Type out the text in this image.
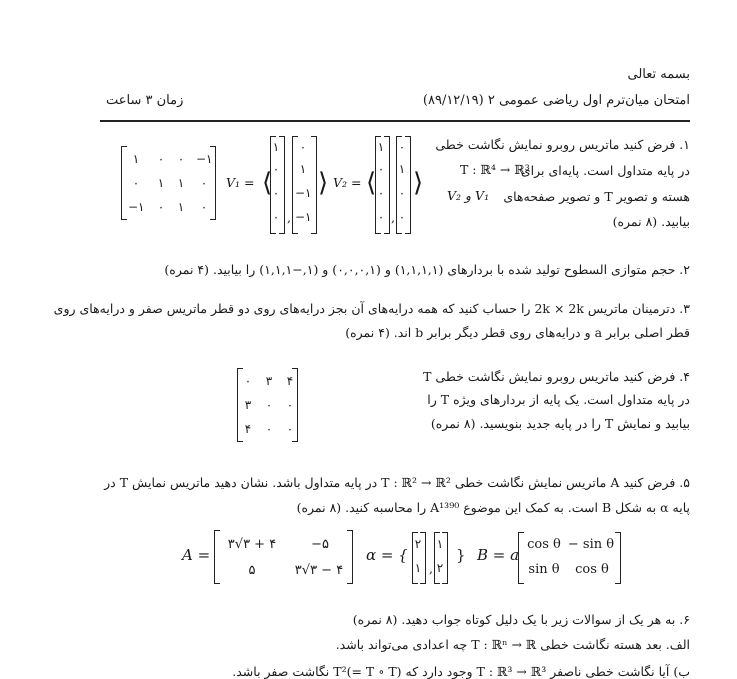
بسمه تعالی
امتحان میان‌ترم اول ریاضی عمومی ۲ (۸۹/۱۲/۱۹)
زمان ۳ ساعت
۱. فرض کنید ماتریس روبرو نمایش نگاشت خطی
T : ℝ⁴ → ℝ³
در پایه متداول است. پایه‌ای برای
هسته و تصویر T و تصویر صفحه‌های
V₂ و V₁
بیابید. (۸ نمره)
۱	۰	۰ −۱
۰	۱	۱	۰
−۱	۰	۱	۰
V₁ = ⟨
۱
۰
۰
۰ ,
۰
۱
−۱
−۱
⟩ V₂ = ⟨
۱
۰
۰
۰ ,
۰
۱
۰
۰
⟩
۲. حجم متوازی السطوح تولید شده با بردارهای (۱,۱,۱,۱) و (۰,۰,۰,۱) و (۱,−۱,۱,۱) را بیابید. (۴ نمره)
۳. دترمینان ماتریس 2k × 2k را حساب کنید که همه درایه‌های آن بجز درایه‌های روی دو قطر ماتریس صفر و درایه‌های روی
قطر اصلی برابر a و درایه‌های روی قطر دیگر برابر b اند. (۴ نمره)
۴. فرض کنید ماتریس روبرو نمایش نگاشت خطی T
در پایه متداول است. یک پایه از بردارهای ویژه T را
بیابید و نمایش T را در پایه جدید بنویسید. (۸ نمره)
۰	۳	۴
۳	۰	۰
۴	۰	۰
۵. فرض کنید A ماتریس نمایش نگاشت خطی T : ℝ² → ℝ² در پایه متداول باشد. نشان دهید ماتریس نمایش T در
پایه α به شکل B است. به کمک این موضوع A¹³⁹⁰ را محاسبه کنید. (۸ نمره)
A =
۳√۳ + ۴	−۵
۵	۳√۳ − ۴
α = {
۲
۱ ,
۱
۲
} B = a
cos θ − sin θ
sin θ	cos θ
۶. به هر یک از سوالات زیر با یک دلیل کوتاه جواب دهید. (۸ نمره)
الف. بعد هسته نگاشت خطی T : ℝⁿ → ℝ چه اعدادی می‌تواند باشد.
ب) آیا نگاشت خطی ناصفر T : ℝ³ → ℝ³ وجود دارد که T²(= T ∘ T) نگاشت صفر باشد.
